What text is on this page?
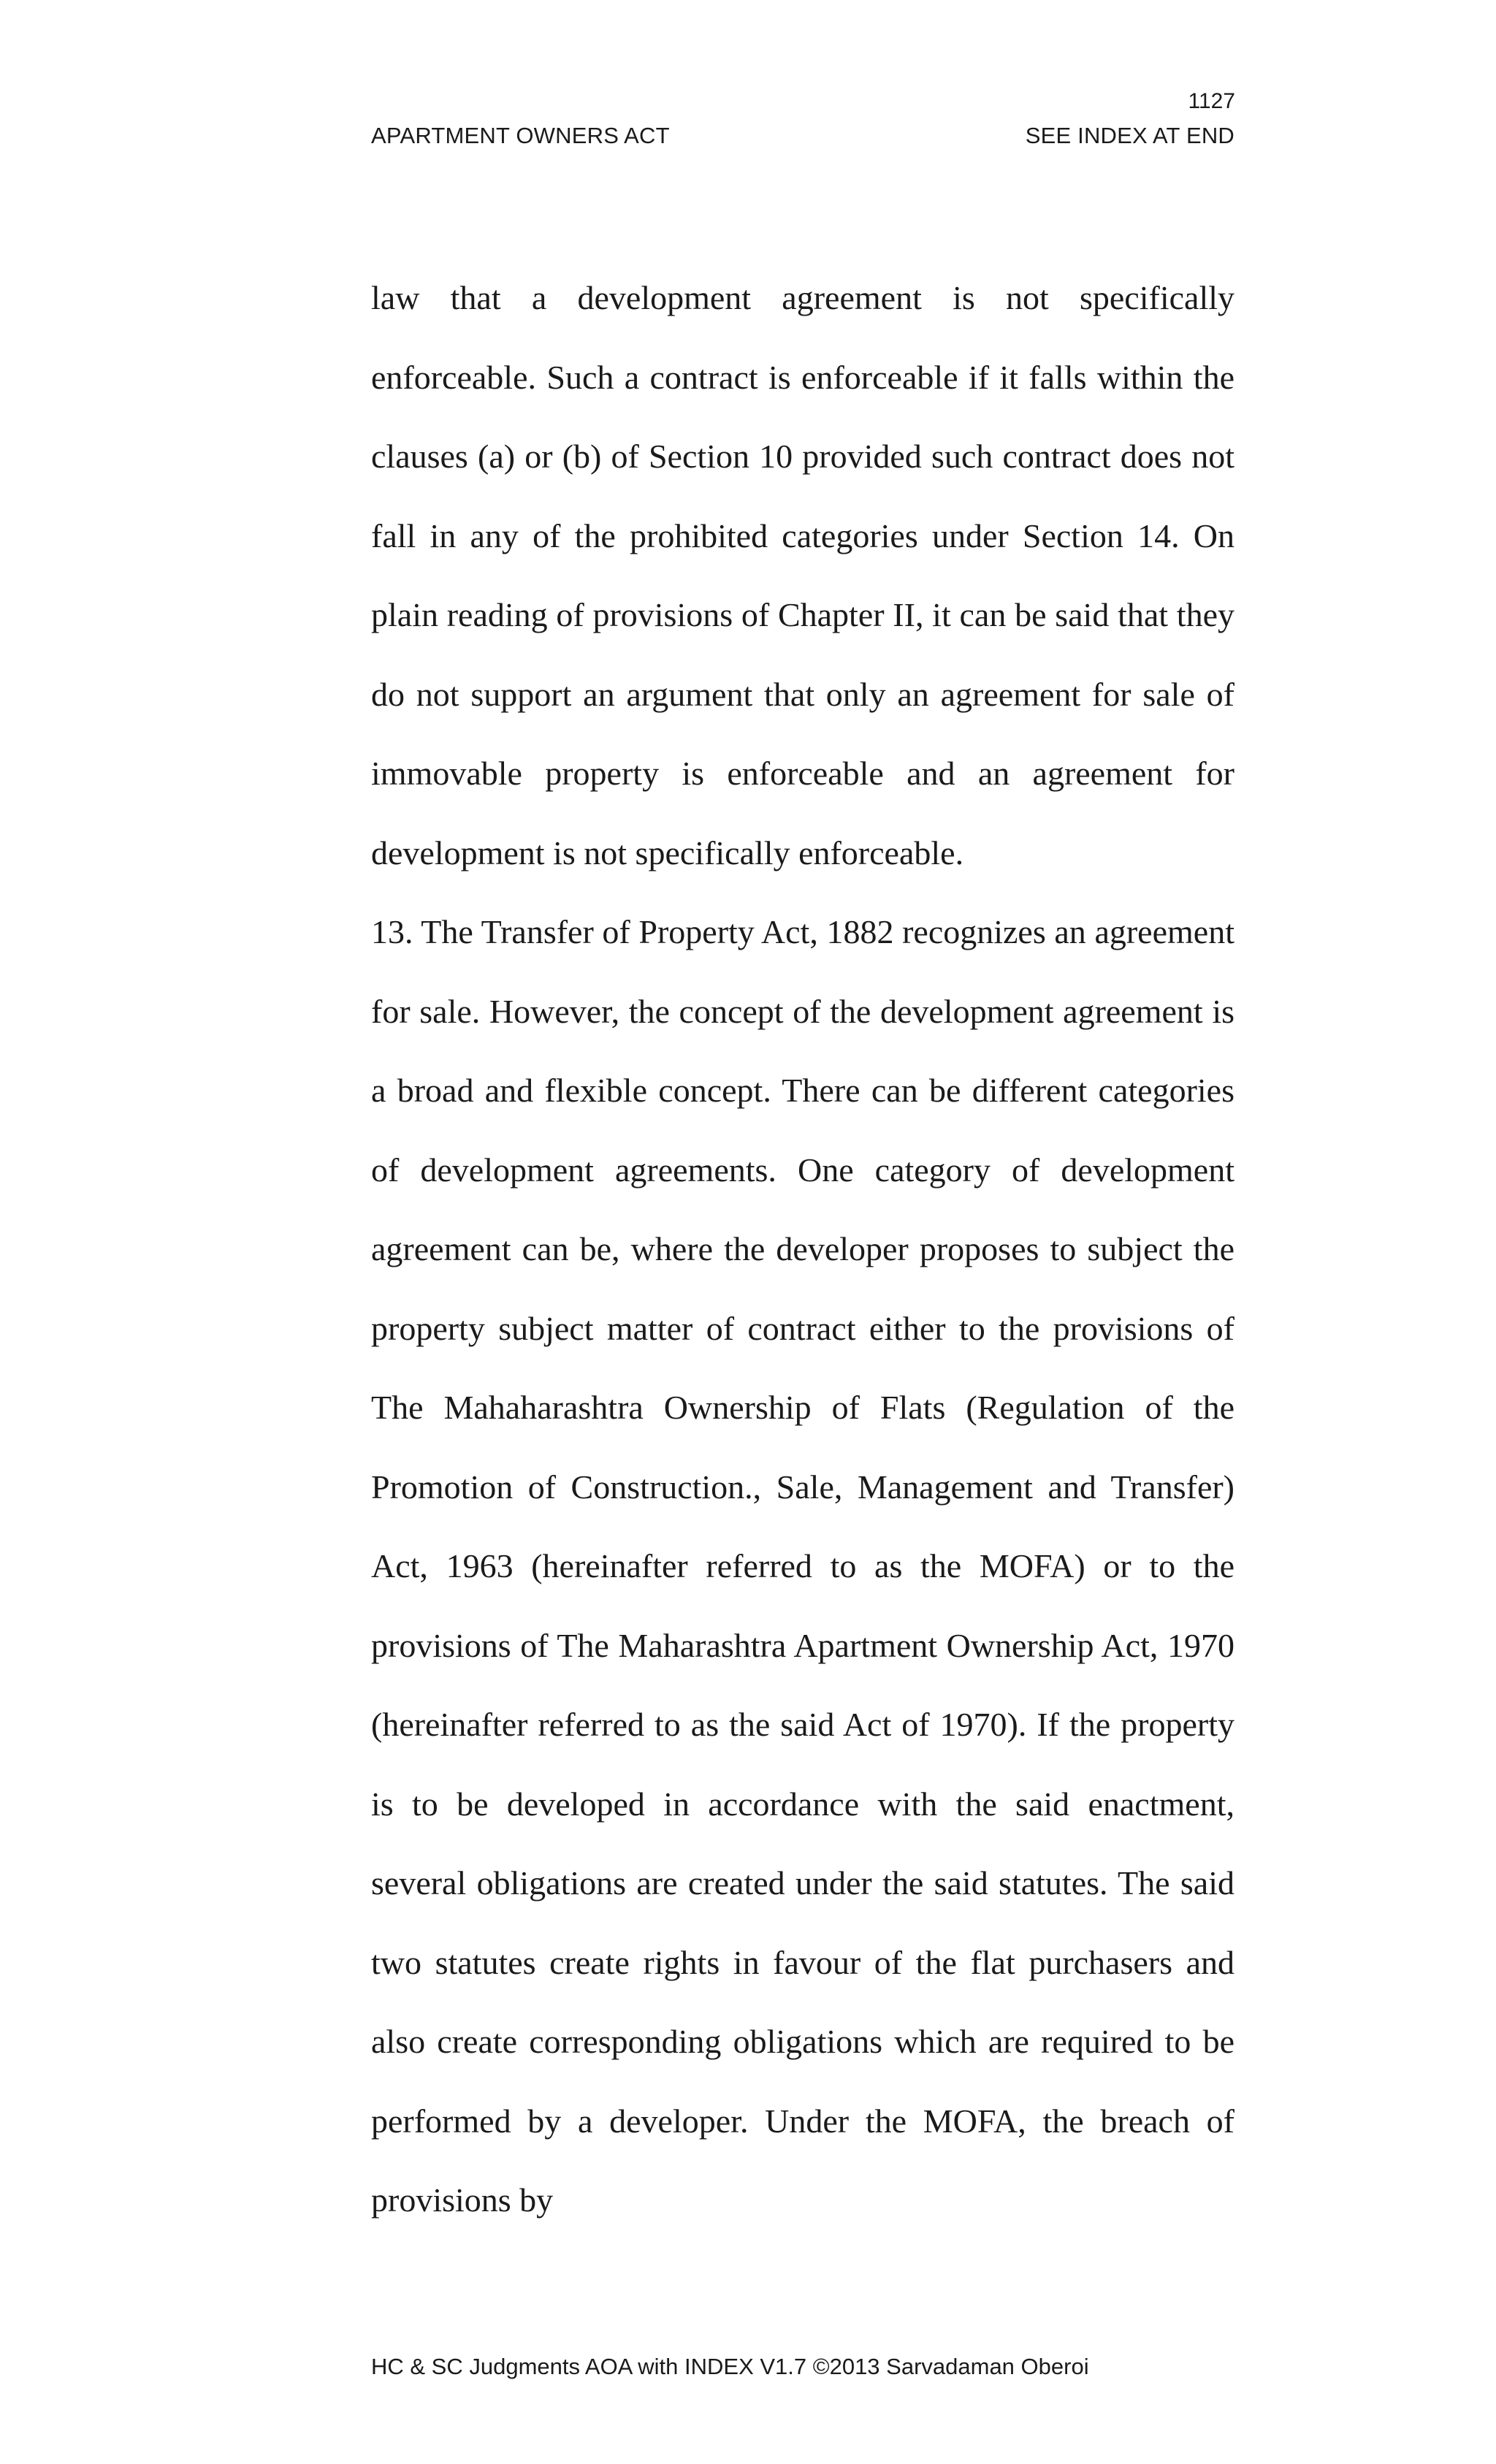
1127
APARTMENT OWNERS ACT	SEE INDEX AT END

law that a development agreement is not specifically enforceable. Such a contract is enforceable if it falls within the clauses (a) or (b) of Section 10 provided such contract does not fall in any of the prohibited categories under Section 14. On plain reading of provisions of Chapter II, it can be said that they do not support an argument that only an agreement for sale of immovable property is enforceable and an agreement for development is not specifically enforceable.

13. The Transfer of Property Act, 1882 recognizes an agreement for sale. However, the concept of the development agreement is a broad and flexible concept. There can be different categories of development agreements. One category of development agreement can be, where the developer proposes to subject the property subject matter of contract either to the provisions of The Mahaharashtra Ownership of Flats (Regulation of the Promotion of Construction., Sale, Management and Transfer) Act, 1963 (hereinafter referred to as the MOFA) or to the provisions of The Maharashtra Apartment Ownership Act, 1970 (hereinafter referred to as the said Act of 1970). If the property is to be developed in accordance with the said enactment, several obligations are created under the said statutes. The said two statutes create rights in favour of the flat purchasers and also create corresponding obligations which are required to be performed by a developer. Under the MOFA, the breach of provisions by

HC & SC Judgments AOA with INDEX V1.7 ©2013 Sarvadaman Oberoi
